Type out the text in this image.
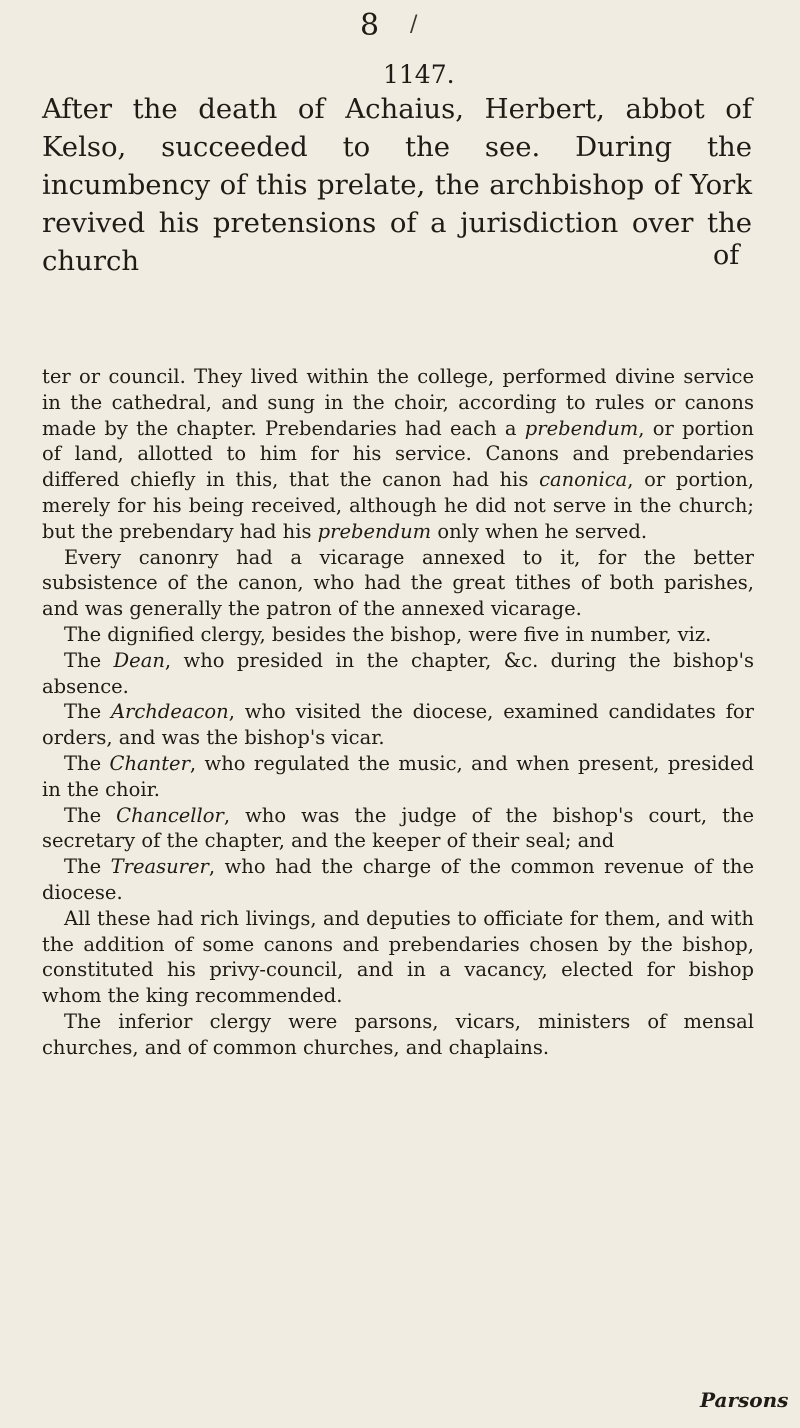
8 /
1147.
After the death of Achaius, Herbert, abbot of Kelso, succeeded to the see. During the incumbency of this prelate, the archbishop of York revived his pretensions of a jurisdiction over the church	of

ter or council. They lived within the college, performed divine service in the cathedral, and sung in the choir, according to rules or canons made by the chapter. Prebendaries had each a prebendum, or portion of land, allotted to him for his service. Canons and prebendaries differed chiefly in this, that the canon had his canonica, or portion, merely for his being received, although he did not serve in the church; but the prebendary had his prebendum only when he served.

Every canonry had a vicarage annexed to it, for the better subsistence of the canon, who had the great tithes of both parishes, and was generally the patron of the annexed vicarage.

The dignified clergy, besides the bishop, were five in number, viz.

The Dean, who presided in the chapter, &c. during the bishop's absence.

The Archdeacon, who visited the diocese, examined candidates for orders, and was the bishop's vicar.

The Chanter, who regulated the music, and when present, presided in the choir.

The Chancellor, who was the judge of the bishop's court, the secretary of the chapter, and the keeper of their seal; and

The Treasurer, who had the charge of the common revenue of the diocese.

All these had rich livings, and deputies to officiate for them, and with the addition of some canons and prebendaries chosen by the bishop, constituted his privy-council, and in a vacancy, elected for bishop whom the king recommended.

The inferior clergy were parsons, vicars, ministers of mensal churches, and of common churches, and chaplains.

Parsons
